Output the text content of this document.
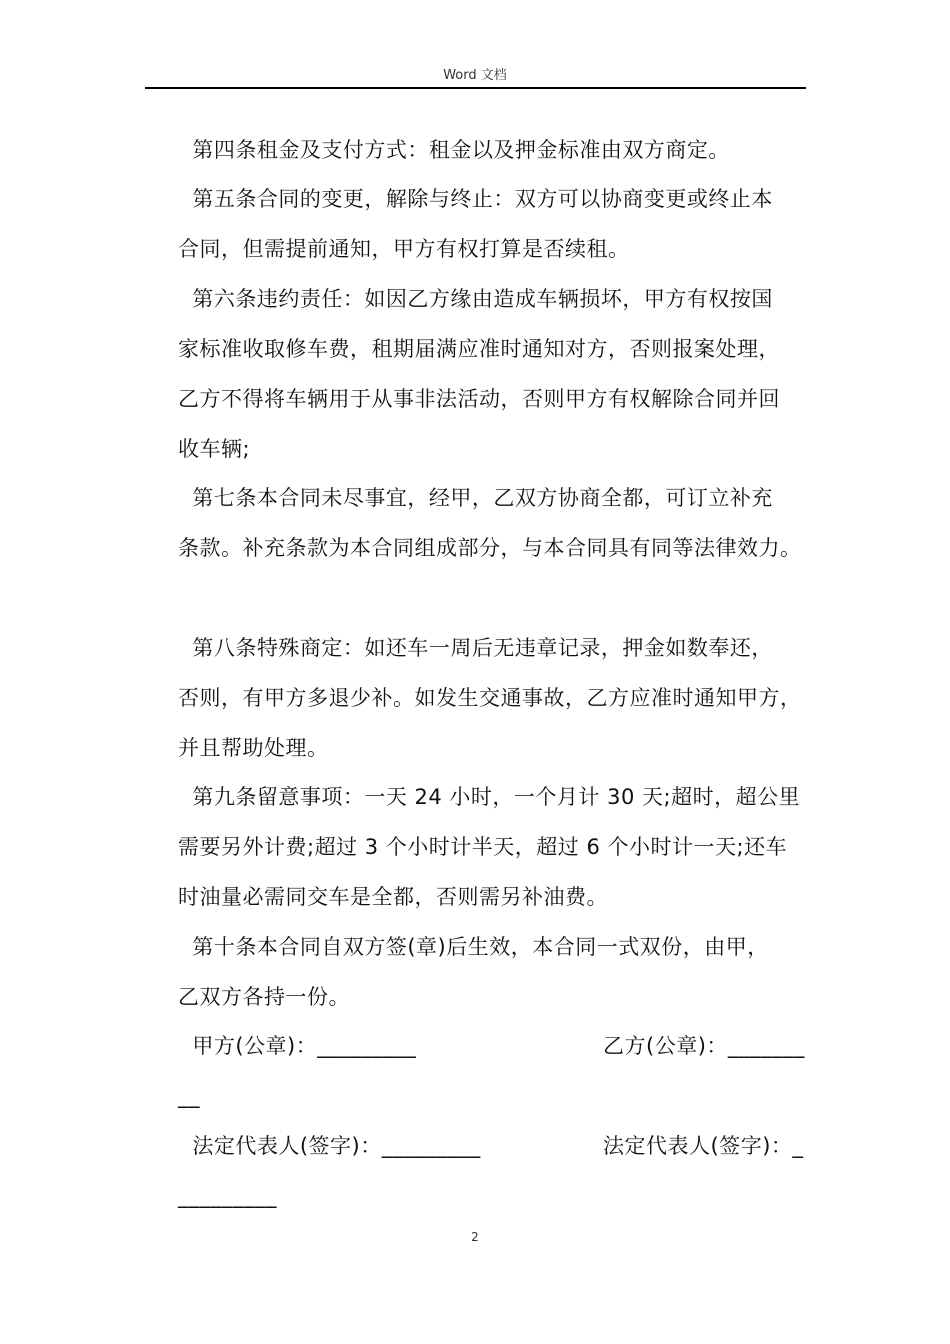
Word 文档
第四条租金及支付方式：租金以及押金标准由双方商定。
第五条合同的变更，解除与终止：双方可以协商变更或终止本
合同，但需提前通知，甲方有权打算是否续租。
第六条违约责任：如因乙方缘由造成车辆损坏，甲方有权按国
家标准收取修车费，租期届满应准时通知对方，否则报案处理，
乙方不得将车辆用于从事非法活动，否则甲方有权解除合同并回
收车辆;
第七条本合同未尽事宜，经甲，乙双方协商全都，可订立补充
条款。补充条款为本合同组成部分，与本合同具有同等法律效力。
第八条特殊商定：如还车一周后无违章记录，押金如数奉还，
否则，有甲方多退少补。如发生交通事故，乙方应准时通知甲方，
并且帮助处理。
第九条留意事项：一天 24 小时，一个月计 30 天;超时，超公里
需要另外计费;超过 3 个小时计半天，超过 6 个小时计一天;还车
时油量必需同交车是全都，否则需另补油费。
第十条本合同自双方签(章)后生效，本合同一式双份，由甲，
乙双方各持一份。
甲方(公章)：_________	乙方(公章)：_______
__
法定代表人(签字)：_________	法定代表人(签字)：_
_________
2
